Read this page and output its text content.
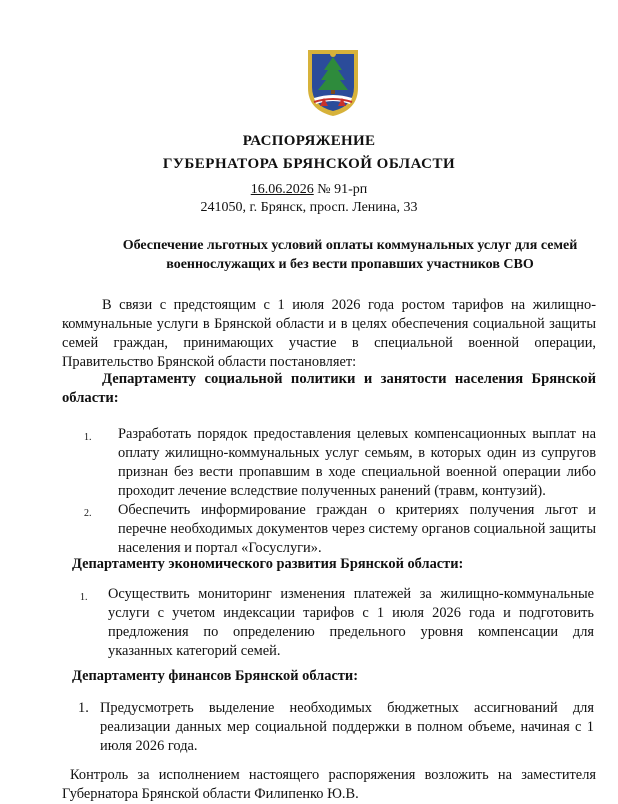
РАСПОРЯЖЕНИЕ
ГУБЕРНАТОРА БРЯНСКОЙ ОБЛАСТИ
16.06.2026 № 91-рп
241050, г. Брянск, просп. Ленина, 33
Обеспечение льготных условий оплаты коммунальных услуг для семей
военнослужащих и без вести пропавших участников СВО
В связи с предстоящим с 1 июля 2026 года ростом тарифов на жилищно-коммунальные услуги в Брянской области и в целях обеспечения социальной защиты семей граждан, принимающих участие в специальной военной операции, Правительство Брянской области постановляет:
Департаменту социальной политики и занятости населения Брянской области:
1. Разработать порядок предоставления целевых компенсационных выплат на оплату жилищно-коммунальных услуг семьям, в которых один из супругов признан без вести пропавшим в ходе специальной военной операции либо проходит лечение вследствие полученных ранений (травм, контузий).
2. Обеспечить информирование граждан о критериях получения льгот и перечне необходимых документов через систему органов социальной защиты населения и портал «Госуслуги».
Департаменту экономического развития Брянской области:
1. Осуществить мониторинг изменения платежей за жилищно-коммунальные услуги с учетом индексации тарифов с 1 июля 2026 года и подготовить предложения по определению предельного уровня компенсации для указанных категорий семей.
Департаменту финансов Брянской области:
1. Предусмотреть выделение необходимых бюджетных ассигнований для реализации данных мер социальной поддержки в полном объеме, начиная с 1 июля 2026 года.
Контроль за исполнением настоящего распоряжения возложить на заместителя Губернатора Брянской области Филипенко Ю.В.
